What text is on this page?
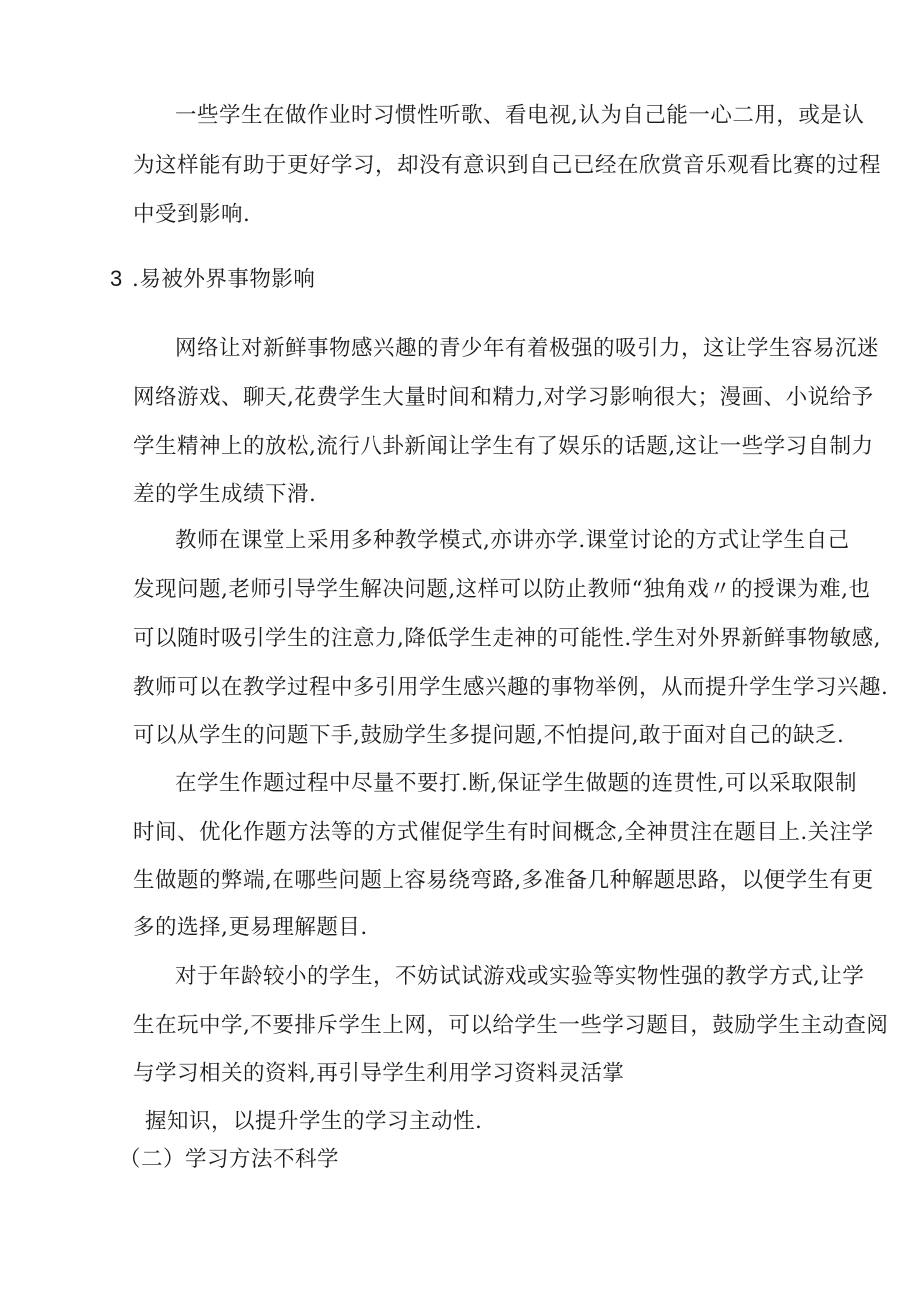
一些学生在做作业时习惯性听歌、看电视,认为自己能一心二用，或是认
为这样能有助于更好学习，却没有意识到自己已经在欣赏音乐观看比赛的过程
中受到影响.
3 .易被外界事物影响
网络让对新鲜事物感兴趣的青少年有着极强的吸引力，这让学生容易沉迷
网络游戏、聊天,花费学生大量时间和精力,对学习影响很大；漫画、小说给予
学生精神上的放松,流行八卦新闻让学生有了娱乐的话题,这让一些学习自制力
差的学生成绩下滑.
教师在课堂上采用多种教学模式,亦讲亦学.课堂讨论的方式让学生自己
发现问题,老师引导学生解决问题,这样可以防止教师“独角戏〃的授课为难,也
可以随时吸引学生的注意力,降低学生走神的可能性.学生对外界新鲜事物敏感,
教师可以在教学过程中多引用学生感兴趣的事物举例，从而提升学生学习兴趣.
可以从学生的问题下手,鼓励学生多提问题,不怕提问,敢于面对自己的缺乏.
在学生作题过程中尽量不要打.断,保证学生做题的连贯性,可以采取限制
时间、优化作题方法等的方式催促学生有时间概念,全神贯注在题目上.关注学
生做题的弊端,在哪些问题上容易绕弯路,多准备几种解题思路，以便学生有更
多的选择,更易理解题目.
对于年龄较小的学生，不妨试试游戏或实验等实物性强的教学方式,让学
生在玩中学,不要排斥学生上网，可以给学生一些学习题目，鼓励学生主动查阅
与学习相关的资料,再引导学生利用学习资料灵活掌
握知识，以提升学生的学习主动性.
（二）学习方法不科学
